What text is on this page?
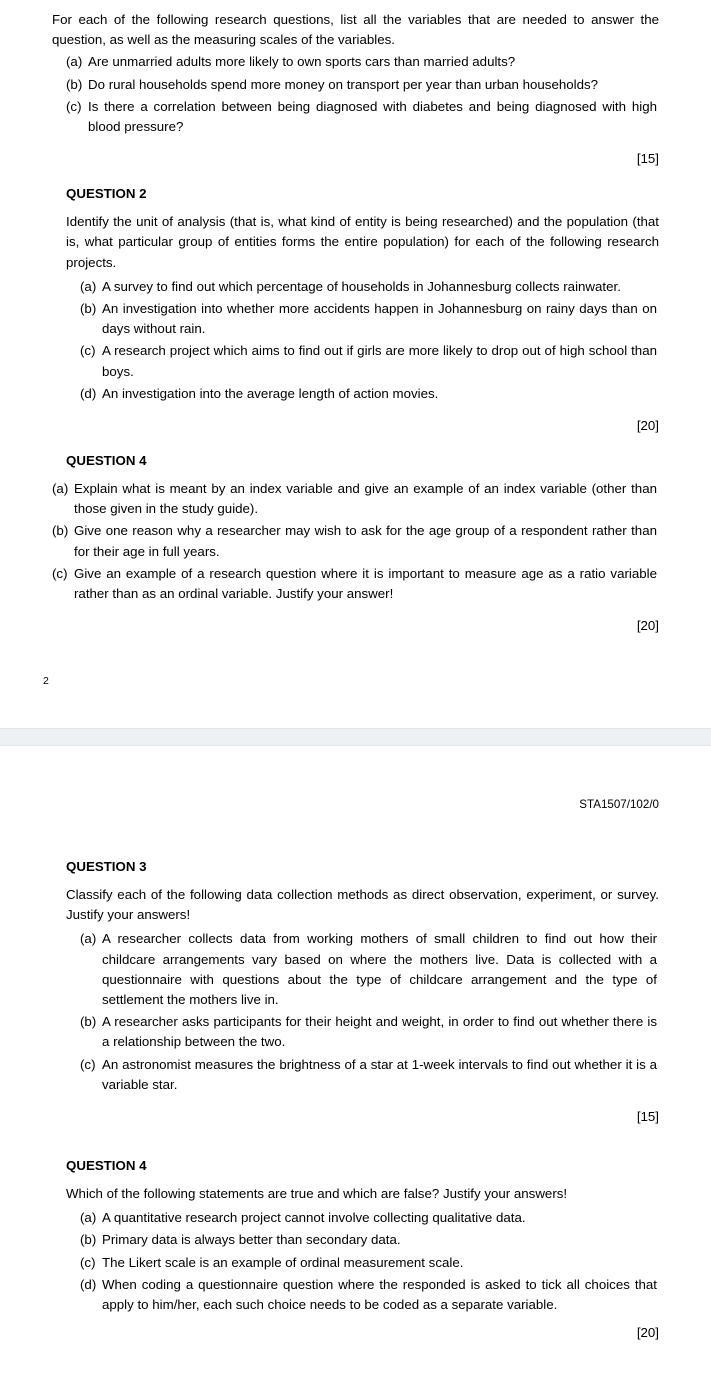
For each of the following research questions, list all the variables that are needed to answer the question, as well as the measuring scales of the variables.

(a) Are unmarried adults more likely to own sports cars than married adults?
(b) Do rural households spend more money on transport per year than urban households?
(c) Is there a correlation between being diagnosed with diabetes and being diagnosed with high blood pressure?

[15]

QUESTION 2

Identify the unit of analysis (that is, what kind of entity is being researched) and the population (that is, what particular group of entities forms the entire population) for each of the following research projects.

(a) A survey to find out which percentage of households in Johannesburg collects rainwater.
(b) An investigation into whether more accidents happen in Johannesburg on rainy days than on days without rain.
(c) A research project which aims to find out if girls are more likely to drop out of high school than boys.
(d) An investigation into the average length of action movies.

[20]

QUESTION 4

(a) Explain what is meant by an index variable and give an example of an index variable (other than those given in the study guide).
(b) Give one reason why a researcher may wish to ask for the age group of a respondent rather than for their age in full years.
(c) Give an example of a research question where it is important to measure age as a ratio variable rather than as an ordinal variable. Justify your answer!

[20]

2

STA1507/102/0

QUESTION 3

Classify each of the following data collection methods as direct observation, experiment, or survey. Justify your answers!

(a) A researcher collects data from working mothers of small children to find out how their childcare arrangements vary based on where the mothers live. Data is collected with a questionnaire with questions about the type of childcare arrangement and the type of settlement the mothers live in.
(b) A researcher asks participants for their height and weight, in order to find out whether there is a relationship between the two.
(c) An astronomist measures the brightness of a star at 1-week intervals to find out whether it is a variable star.

[15]

QUESTION 4

Which of the following statements are true and which are false? Justify your answers!

(a) A quantitative research project cannot involve collecting qualitative data.
(b) Primary data is always better than secondary data.
(c) The Likert scale is an example of ordinal measurement scale.
(d) When coding a questionnaire question where the responded is asked to tick all choices that apply to him/her, each such choice needs to be coded as a separate variable.

[20]
